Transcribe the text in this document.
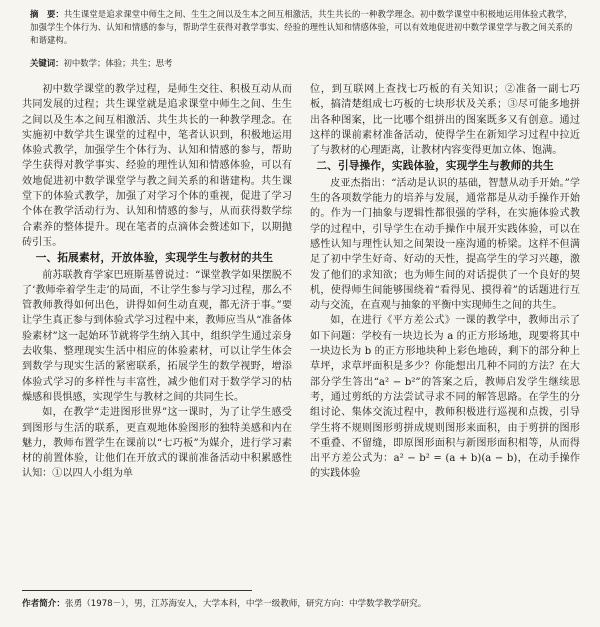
摘　要：共生课堂是追求课堂中师生之间、生生之间以及生本之间互相激活，共生共长的一种教学理念。初中数学课堂中积极地运用体验式教学，加强学生个体行为、认知和情感的参与，帮助学生获得对教学事实、经验的理性认知和情感体验，可以有效地促进初中数学课堂学与教之间关系的和谐建构。

关键词：初中数学；体验；共生；思考

初中数学课堂的教学过程，是师生交往、积极互动从而共同发展的过程；共生课堂就是追求课堂中师生之间、生生之间以及生本之间互相激活、共生共长的一种教学理念。在实施初中数学共生课堂的过程中，笔者认识到，积极地运用体验式教学，加强学生个体行为、认知和情感的参与，帮助学生获得对教学事实、经验的理性认知和情感体验，可以有效地促进初中数学课堂学与教之间关系的和谐建构。共生课堂下的体验式教学，加强了对学习个体的重视，促进了学习个体在教学活动行为、认知和情感的参与，从而获得数学综合素养的整体提升。现在笔者的点滴体会赘述如下，以期抛砖引玉。

一、拓展素材，开放体验，实现学生与教材的共生

前苏联教育学家巴班斯基曾说过：“课堂教学如果摆脱不了‘教师牵着学生走’的局面，不让学生参与学习过程，那么不管教师教得如何出色，讲得如何生动直观，都无济于事。”要让学生真正参与到体验式学习过程中来，教师应当从“准备体验素材”这一起始环节就将学生纳入其中，组织学生通过亲身去收集、整理现实生活中相应的体验素材，可以让学生体会到数学与现实生活的紧密联系，拓展学生的数学视野，增添体验式学习的多样性与丰富性，减少他们对于数学学习的枯燥感和畏惧感，实现学生与教材之间的共同生长。

如，在教学“走进图形世界”这一课时，为了让学生感受到图形与生活的联系，更直观地体验图形的独特美感和内在魅力，教师布置学生在课前以“七巧板”为媒介，进行学习素材的前置体验，让他们在开放式的课前准备活动中积累感性认知：①以四人小组为单

位，到互联网上查找七巧板的有关知识；②准备一副七巧板，搞清楚组成七巧板的七块形状及关系；③尽可能多地拼出各种图案，比一比哪个组拼出的图案既多又有创意。通过这样的课前素材准备活动，使得学生在新知学习过程中拉近了与教材的心理距离，让教材内容变得更加立体、饱满。

二、引导操作，实践体验，实现学生与教师的共生

皮亚杰指出：“活动是认识的基础，智慧从动手开始。”学生的各项数学能力的培养与发展，通常都是从动手操作开始的。作为一门抽象与逻辑性都很强的学科，在实施体验式教学的过程中，引导学生在动手操作中展开实践体验，可以在感性认知与理性认知之间架设一座沟通的桥梁。这样不但满足了初中学生好奇、好动的天性，提高学生的学习兴趣，激发了他们的求知欲；也为师生间的对话提供了一个良好的契机，使得师生间能够围绕着“看得见、摸得着”的话题进行互动与交流，在直观与抽象的平衡中实现师生之间的共生。

如，在进行《平方差公式》一课的教学中，教师出示了如下问题：学校有一块边长为 a 的正方形场地，现要将其中一块边长为 b 的正方形地块种上彩色地砖，剩下的部分种上草坪，求草坪面积是多少？你能想出几种不同的方法？在大部分学生答出“a² − b²”的答案之后，教师启发学生继续思考，通过剪纸的方法尝试寻求不同的解答思路。在学生的分组讨论、集体交流过程中，教师积极进行巡视和点拨，引导学生将不规则图形剪拼成规则图形来面积，由于剪拼的图形不重叠、不留缝，即原图形面积与新图形面积相等，从而得出平方差公式为：a² − b² = (a + b)(a − b)，在动手操作的实践体验

作者简介：张勇（1978－），男，江苏海安人，大学本科，中学一级教师，研究方向：中学数学教学研究。
